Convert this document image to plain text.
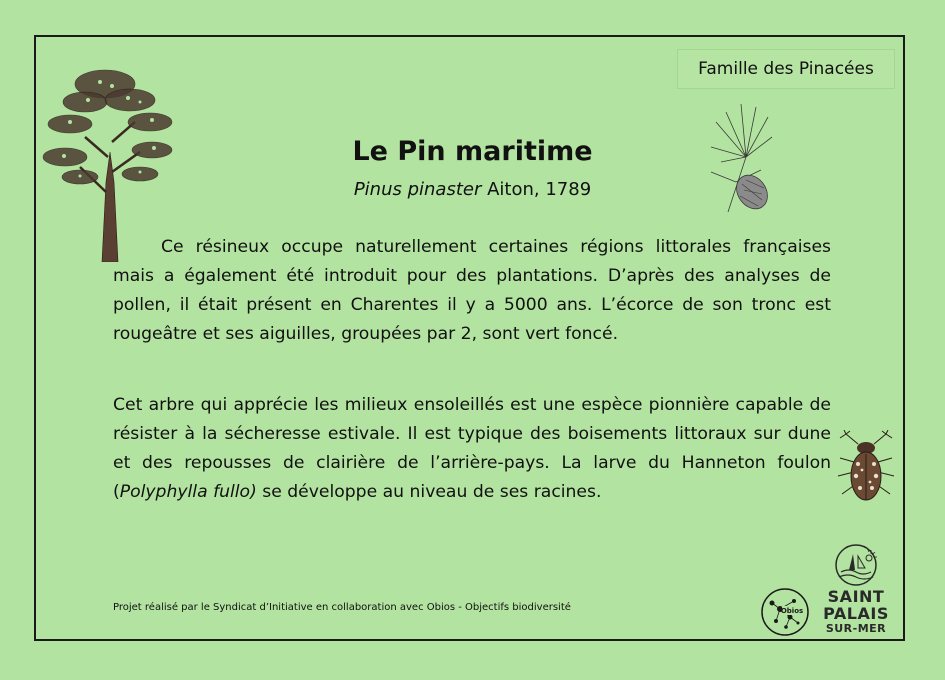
Famille des Pinacées
Le Pin maritime
Pinus pinaster Aiton, 1789

Ce résineux occupe naturellement certaines régions littorales françaises mais a également été introduit pour des plantations. D’après des analyses de pollen, il était présent en Charentes il y a 5000 ans. L’écorce de son tronc est rougeâtre et ses aiguilles, groupées par 2, sont vert foncé.

Cet arbre qui apprécie les milieux ensoleillés est une espèce pionnière capable de résister à la sécheresse estivale. Il est typique des boisements littoraux sur dune et des repousses de clairière de l’arrière-pays. La larve du Hanneton foulon (Polyphylla fullo) se développe au niveau de ses racines.

Projet réalisé par le Syndicat d’Initiative en collaboration avec Obios - Objectifs biodiversité	Obios
SAINT
PALAIS
SUR-MER
